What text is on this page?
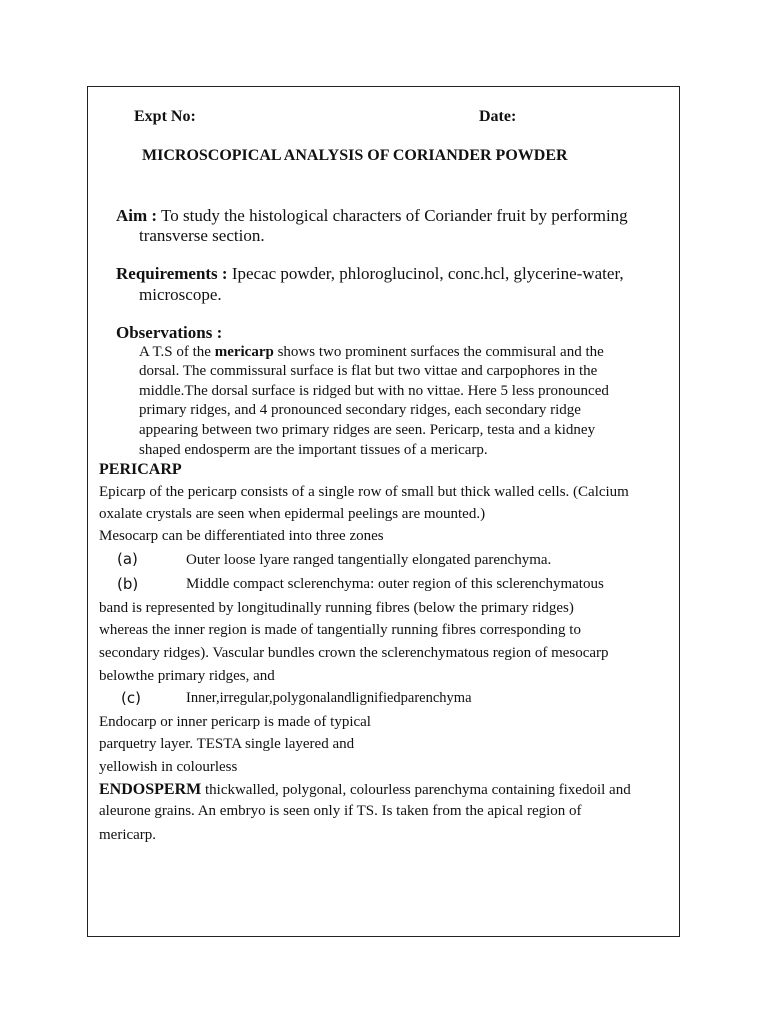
Expt No:	Date:

MICROSCOPICAL ANALYSIS OF CORIANDER POWDER

Aim : To study the histological characters of Coriander fruit by performing

transverse section.

Requirements : Ipecac powder, phloroglucinol, conc.hcl, glycerine-water,

microscope.

Observations :

A T.S of the mericarp shows two prominent surfaces the commisural and the

dorsal. The commissural surface is flat but two vittae and carpophores in the

middle.The dorsal surface is ridged but with no vittae. Here 5 less pronounced

primary ridges, and 4 pronounced secondary ridges, each secondary ridge

appearing between two primary ridges are seen. Pericarp, testa and a kidney

shaped endosperm are the important tissues of a mericarp.

PERICARP

Epicarp of the pericarp consists of a single row of small but thick walled cells. (Calcium

oxalate crystals are seen when epidermal peelings are mounted.)

Mesocarp can be differentiated into three zones

(a)	Outer loose lyare ranged tangentially elongated parenchyma.

(b)	Middle compact sclerenchyma: outer region of this sclerenchymatous

band is represented by longitudinally running fibres (below the primary ridges)

whereas the inner region is made of tangentially running fibres corresponding to

secondary ridges). Vascular bundles crown the sclerenchymatous region of mesocarp

belowthe primary ridges, and

(c)	Inner,irregular,polygonalandlignifiedparenchyma

Endocarp or inner pericarp is made of typical

parquetry layer. TESTA single layered and

yellowish in colourless

ENDOSPERM thickwalled, polygonal, colourless parenchyma containing fixedoil and

aleurone grains. An embryo is seen only if TS. Is taken from the apical region of

mericarp.
